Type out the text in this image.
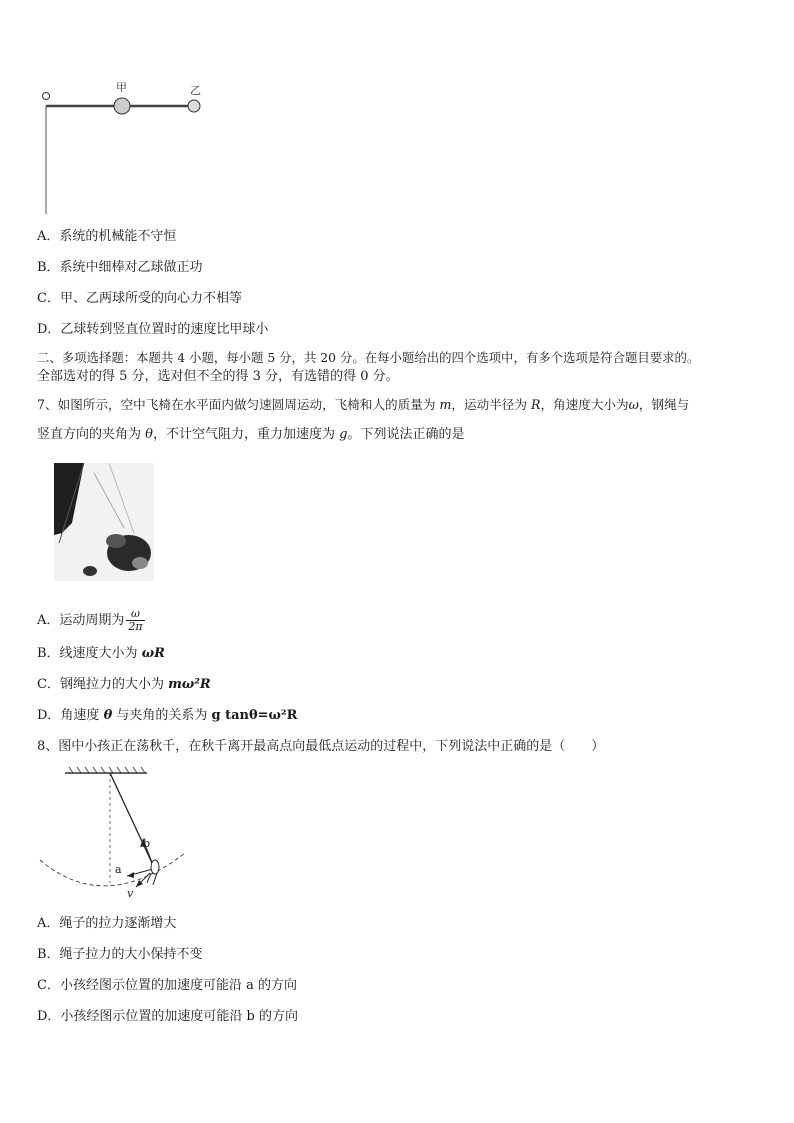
甲	乙
A．系统的机械能不守恒
B．系统中细棒对乙球做正功
C．甲、乙两球所受的向心力不相等
D．乙球转到竖直位置时的速度比甲球小
二、多项选择题：本题共 4 小题，每小题 5 分，共 20 分。在每小题给出的四个选项中，有多个选项是符合题目要求的。
全部选对的得 5 分，选对但不全的得 3 分，有选错的得 0 分。
7、如图所示，空中飞椅在水平面内做匀速圆周运动，飞椅和人的质量为 m，运动半径为 R，角速度大小为ω，钢绳与
竖直方向的夹角为 θ，不计空气阻力，重力加速度为 g。下列说法正确的是
A．运动周期为 $\frac{\omega}{2\pi}$
B．线速度大小为 ωR
C．钢绳拉力的大小为 mω²R
D．角速度 θ 与夹角的关系为 g tanθ=ω²R
8、图中小孩正在荡秋千，在秋千离开最高点向最低点运动的过程中，下列说法中正确的是（　　）
b
a
v
A．绳子的拉力逐渐增大
B．绳子拉力的大小保持不变
C．小孩经图示位置的加速度可能沿 a 的方向
D．小孩经图示位置的加速度可能沿 b 的方向
